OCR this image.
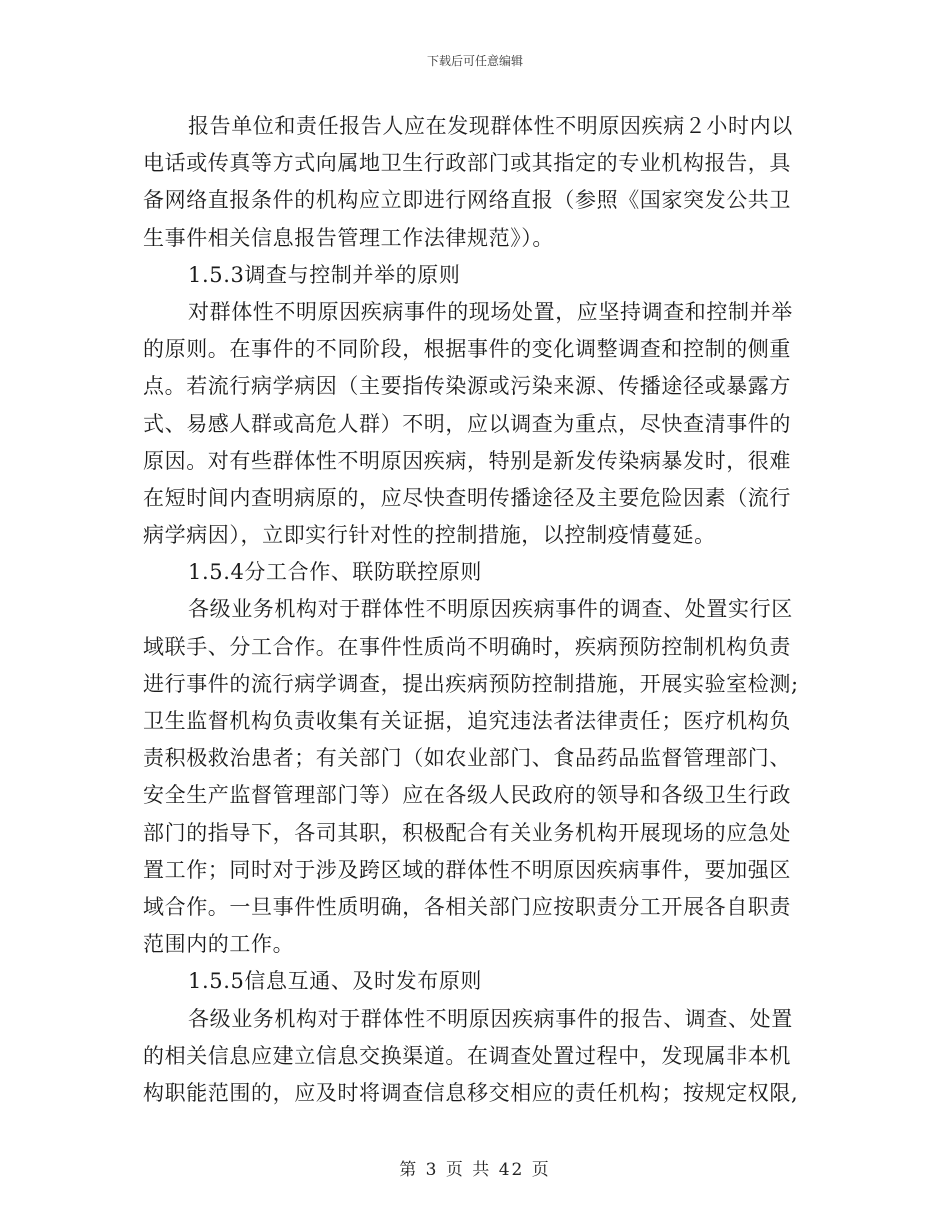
下载后可任意编辑
报告单位和责任报告人应在发现群体性不明原因疾病２小时内以
电话或传真等方式向属地卫生行政部门或其指定的专业机构报告，具
备网络直报条件的机构应立即进行网络直报（参照《国家突发公共卫
生事件相关信息报告管理工作法律规范》）。
1.5.3调查与控制并举的原则
对群体性不明原因疾病事件的现场处置，应坚持调查和控制并举
的原则。在事件的不同阶段，根据事件的变化调整调查和控制的侧重
点。若流行病学病因（主要指传染源或污染来源、传播途径或暴露方
式、易感人群或高危人群）不明，应以调查为重点，尽快查清事件的
原因。对有些群体性不明原因疾病，特别是新发传染病暴发时，很难
在短时间内查明病原的，应尽快查明传播途径及主要危险因素（流行
病学病因），立即实行针对性的控制措施，以控制疫情蔓延。
1.5.4分工合作、联防联控原则
各级业务机构对于群体性不明原因疾病事件的调查、处置实行区
域联手、分工合作。在事件性质尚不明确时，疾病预防控制机构负责
进行事件的流行病学调查，提出疾病预防控制措施，开展实验室检测;
卫生监督机构负责收集有关证据，追究违法者法律责任；医疗机构负
责积极救治患者；有关部门（如农业部门、食品药品监督管理部门、
安全生产监督管理部门等）应在各级人民政府的领导和各级卫生行政
部门的指导下，各司其职，积极配合有关业务机构开展现场的应急处
置工作；同时对于涉及跨区域的群体性不明原因疾病事件，要加强区
域合作。一旦事件性质明确，各相关部门应按职责分工开展各自职责
范围内的工作。
1.5.5信息互通、及时发布原则
各级业务机构对于群体性不明原因疾病事件的报告、调查、处置
的相关信息应建立信息交换渠道。在调查处置过程中，发现属非本机
构职能范围的，应及时将调查信息移交相应的责任机构；按规定权限,
第 3 页 共 42 页
